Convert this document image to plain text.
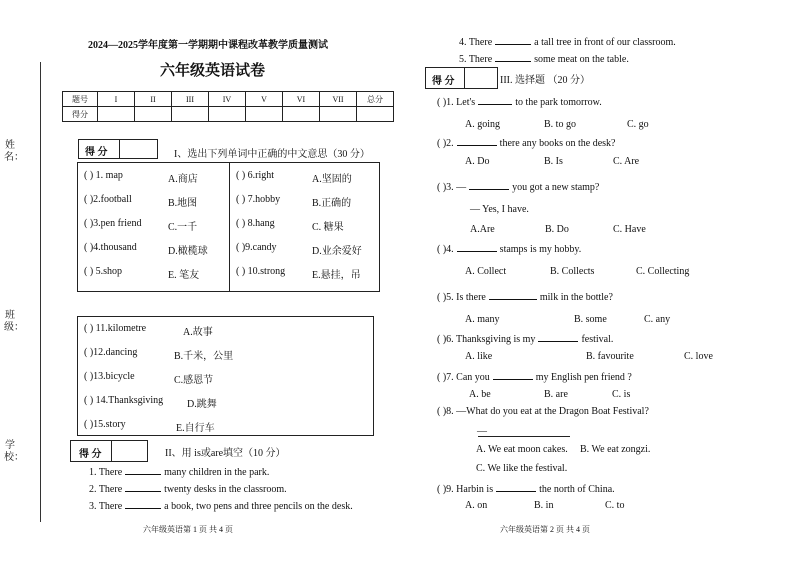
姓名：
班级：
学校：
2024—2025学年度第一学期期中课程改革教学质量测试
六年级英语试卷
题号	I	II	III	IV	V	VI	VII	总分
得分								
得 分	I、选出下列单词中正确的中文意思（30 分）
( ) 1. map	A.商店
( )2.football	B.地图
( )3.pen friend	C.一千
( )4.thousand	D.橄榄球
( ) 5.shop	E. 笔友
( ) 6.right	A.坚固的
( ) 7.hobby	B.正确的
( ) 8.hang	C. 糖果
( )9.candy	D.业余爱好
( ) 10.strong	E.悬挂，吊
( ) 11.kilometre	A.故事
( )12.dancing	B.千米，公里
( )13.bicycle	C.感恩节
( ) 14.Thanksgiving D.跳舞
( )15.story	E.自行车
得 分	II、用 is或are填空（10 分）
1. There	many children in the park.
2. There	twenty desks in the classroom.
3. There	a book, two pens and three pencils on the desk.
六年级英语第 1 页 共 4 页
4. There	a tall tree in front of our classroom.
5. There	some meat on the table.
得 分	III. 选择题 （20 分）
( )1. Let's	to the park tomorrow.
A. going	B. to go	C. go
( )2.	there any books on the desk?
A. Do	B. Is	C. Are
( )3. —	you got a new stamp?
A.Are	B. Do	C. Have
( )4.	stamps is my hobby.
A. Collect	B. Collects	C. Collecting
( )5. Is there	milk in the bottle?
A. many	B. some	C. any
( )6. Thanksgiving is my	festival.
A. like	B. favourite	C. love
( )7. Can you	my English pen friend ?
A. be	B. are	C. is
( )8. —What do you eat at the Dragon Boat Festival?
A. We eat moon cakes. B. We eat zongzi.
C. We like the festival.
( )9. Harbin is	the north of China.
A. on	B. in	C. to
— Yes, I have.
—
六年级英语第 2 页 共 4 页
